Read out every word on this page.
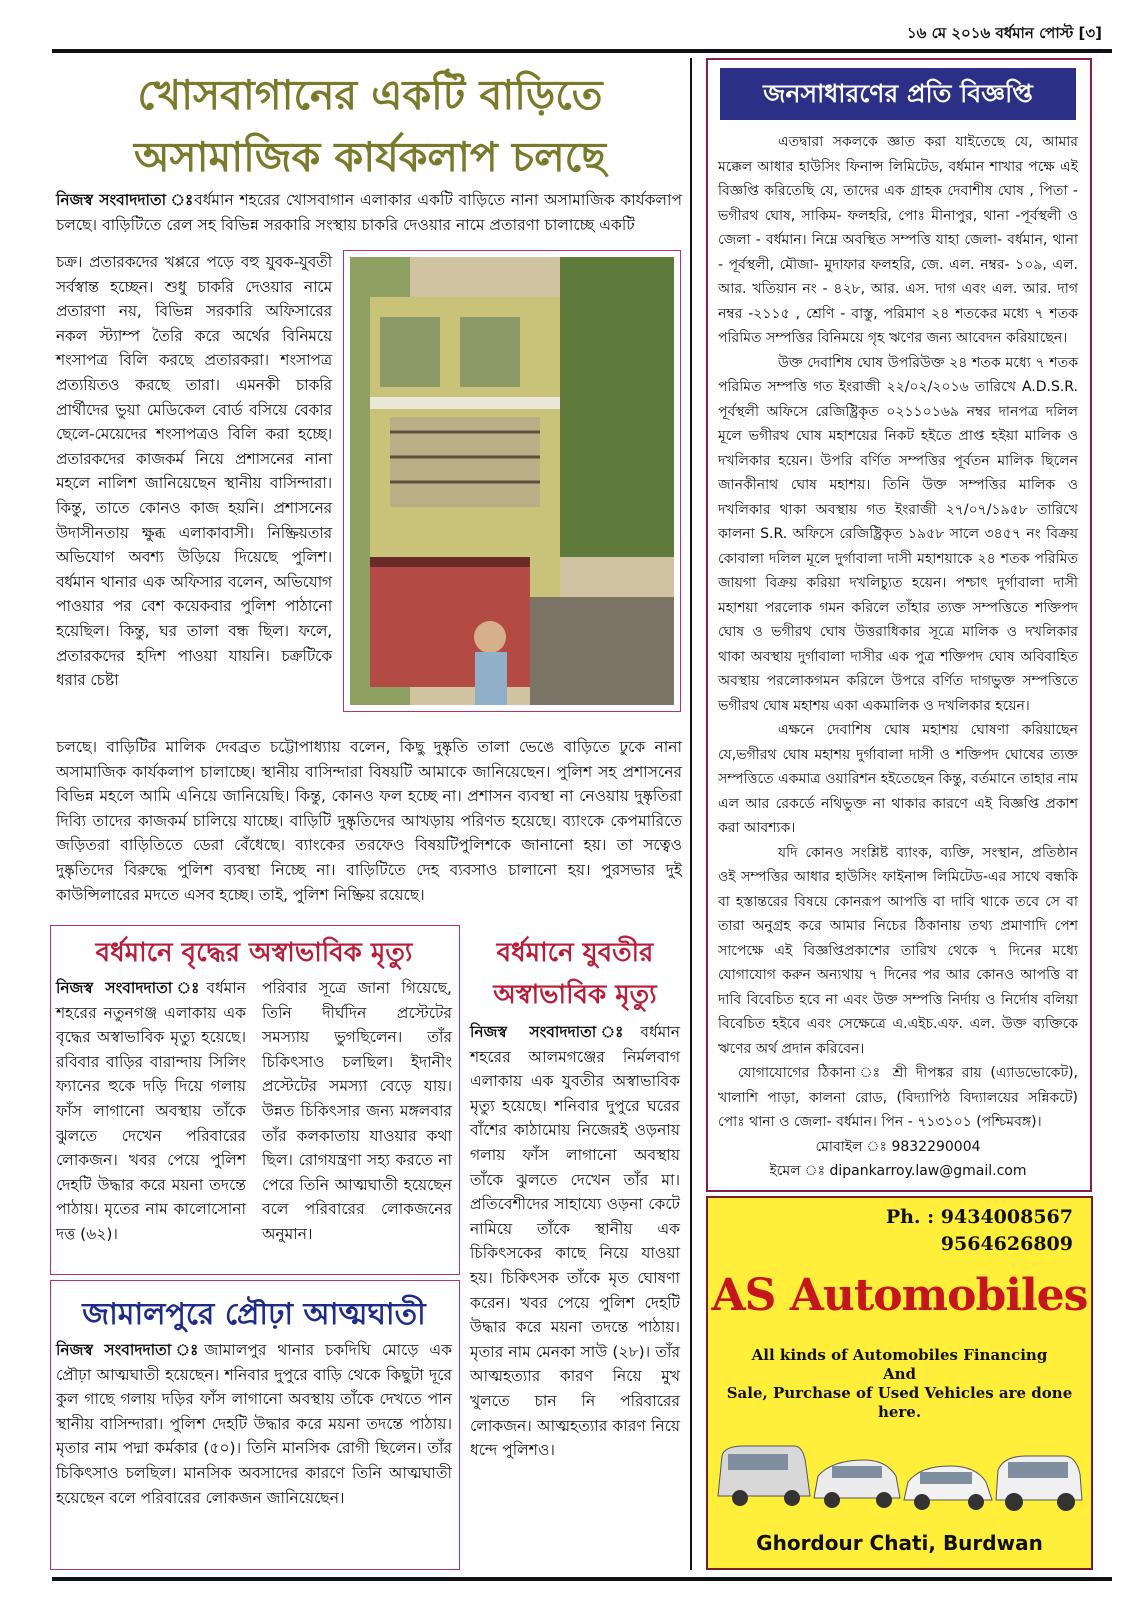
১৬ মে ২০১৬ বর্ধমান পোস্ট [৩]
খোসবাগানের একটি বাড়িতে অসামাজিক কার্যকলাপ চলছে

নিজস্ব সংবাদদাতা ঃবর্ধমান শহরের খোসবাগান এলাকার একটি বাড়িতে নানা অসামাজিক কার্যকলাপ চলছে। বাড়িটিতে রেল সহ বিভিন্ন সরকারি সংস্থায় চাকরি দেওয়ার নামে প্রতারণা চালাচ্ছে একটি

চক্র। প্রতারকদের খপ্পরে পড়ে বহু যুবক-যুবতী সর্বস্বান্ত হচ্ছেন। শুধু চাকরি দেওয়ার নামে প্রতারণা নয়, বিভিন্ন সরকারি অফিসারের নকল স্ট্যাম্প তৈরি করে অর্থের বিনিময়ে শংসাপত্র বিলি করছে প্রতারকরা। শংসাপত্র প্রত্যয়িতও করছে তারা। এমনকী চাকরি প্রার্থীদের ভুয়া মেডিকেল বোর্ড বসিয়ে বেকার ছেলে-মেয়েদের শংসাপত্রও বিলি করা হচ্ছে। প্রতারকদের কাজকর্ম নিয়ে প্রশাসনের নানা মহলে নালিশ জানিয়েছেন স্থানীয় বাসিন্দারা। কিন্তু, তাতে কোনও কাজ হয়নি। প্রশাসনের উদাসীনতায় ক্ষুব্ধ এলাকাবাসী। নিষ্ক্রিয়তার অভিযোগ অবশ্য উড়িয়ে দিয়েছে পুলিশ। বর্ধমান থানার এক অফিসার বলেন, অভিযোগ পাওয়ার পর বেশ কয়েকবার পুলিশ পাঠানো হয়েছিল। কিন্তু, ঘর তালা বন্ধ ছিল। ফলে, প্রতারকদের হদিশ পাওয়া যায়নি। চক্রটিকে ধরার চেষ্টা

চলছে। বাড়িটির মালিক দেবব্রত চট্টোপাধ্যায় বলেন, কিছু দুষ্কৃতি তালা ভেঙে বাড়িতে ঢুকে নানা অসামাজিক কার্যকলাপ চালাচ্ছে। স্থানীয় বাসিন্দারা বিষয়টি আমাকে জানিয়েছেন। পুলিশ সহ প্রশাসনের বিভিন্ন মহলে আমি এনিয়ে জানিয়েছি। কিন্তু, কোনও ফল হচ্ছে না। প্রশাসন ব্যবস্থা না নেওয়ায় দুষ্কৃতিরা দিব্যি তাদের কাজকর্ম চালিয়ে যাচ্ছে। বাড়িটি দুষ্কৃতিদের আখড়ায় পরিণত হয়েছে। ব্যাংকে কেপমারিতে জড়িতরা বাড়িতিতে ডেরা বেঁধেছে। ব্যাংকের তরফেও বিষয়টিপুলিশকে জানানো হয়। তা সত্বেও দুষ্কৃতিদের বিরুদ্ধে পুলিশ ব্যবস্থা নিচ্ছে না। বাড়িটিতে দেহ ব্যবসাও চালানো হয়। পুরসভার দুই কাউন্সিলারের মদতে এসব হচ্ছে। তাই, পুলিশ নিষ্ক্রিয় রয়েছে।

বর্ধমানে বৃদ্ধের অস্বাভাবিক মৃত্যু

নিজস্ব সংবাদদাতা ঃবর্ধমান শহরের নতুনগঞ্জ এলাকায় এক বৃদ্ধের অস্বাভাবিক মৃত্যু হয়েছে। রবিবার বাড়ির বারান্দায় সিলিং ফ্যানের হুকে দড়ি দিয়ে গলায় ফাঁস লাগানো অবস্থায় তাঁকে ঝুলতে দেখেন পরিবারের লোকজন। খবর পেয়ে পুলিশ দেহটি উদ্ধার করে ময়না তদন্তে পাঠায়। মৃতের নাম কালোসোনা দত্ত (৬২)।

পরিবার সূত্রে জানা গিয়েছে, তিনি দীর্ঘদিন প্রস্টেটের সমস্যায় ভুগছিলেন। তাঁর চিকিৎসাও চলছিল। ইদানীং প্রস্টেটের সমস্যা বেড়ে যায়। উন্নত চিকিৎসার জন্য মঙ্গলবার তাঁর কলকাতায় যাওয়ার কথা ছিল। রোগযন্ত্রণা সহ্য করতে না পেরে তিনি আত্মঘাতী হয়েছেন বলে পরিবারের লোকজনের অনুমান।

জামালপুরে প্রৌঢ়া আত্মঘাতী

নিজস্ব সংবাদদাতা ঃজামালপুর থানার চকদিঘি মোড়ে এক প্রৌঢ়া আত্মঘাতী হয়েছেন। শনিবার দুপুরে বাড়ি থেকে কিছুটা দূরে কুল গাছে গলায় দড়ির ফাঁস লাগানো অবস্থায় তাঁকে দেখতে পান স্থানীয় বাসিন্দারা। পুলিশ দেহটি উদ্ধার করে ময়না তদন্তে পাঠায়। মৃতার নাম পদ্মা কর্মকার (৫০)। তিনি মানসিক রোগী ছিলেন। তাঁর চিকিৎসাও চলছিল। মানসিক অবসাদের কারণে তিনি আত্মঘাতী হয়েছেন বলে পরিবারের লোকজন জানিয়েছেন।

বর্ধমানে যুবতীর অস্বাভাবিক মৃত্যু

নিজস্ব সংবাদদাতা ঃবর্ধমান শহরের আলমগঞ্জের নির্মলবাগ এলাকায় এক যুবতীর অস্বাভাবিক মৃত্যু হয়েছে। শনিবার দুপুরে ঘরের বাঁশের কাঠামোয় নিজেরই ওড়নায় গলায় ফাঁস লাগানো অবস্থায় তাঁকে ঝুলতে দেখেন তাঁর মা। প্রতিবেশীদের সাহায্যে ওড়না কেটে নামিয়ে তাঁকে স্থানীয় এক চিকিৎসকের কাছে নিয়ে যাওয়া হয়। চিকিৎসক তাঁকে মৃত ঘোষণা করেন। খবর পেয়ে পুলিশ দেহটি উদ্ধার করে ময়না তদন্তে পাঠায়। মৃতার নাম মেনকা সাউ (২৮)। তাঁর আত্মহত্যার কারণ নিয়ে মুখ খুলতে চান নি পরিবারের লোকজন। আত্মহত্যার কারণ নিয়ে ধন্দে পুলিশও।

জনসাধারণের প্রতি বিজ্ঞপ্তি

এতদ্বারা সকলকে জ্ঞাত করা যাইতেছে যে, আমার মক্কেল আধার হাউসিং ফিনান্স লিমিটেড, বর্ধমান শাখার পক্ষে এই বিজ্ঞপ্তি করিতেছি যে, তাদের এক গ্রাহক দেবাশীষ ঘোষ , পিতা - ভগীরথ ঘোষ, সাকিম- ফলহরি, পোঃ মীনাপুর, থানা -পূর্বস্থলী ও জেলা - বর্ধমান। নিম্নে অবস্থিত সম্পত্তি যাহা জেলা- বর্ধমান, থানা - পূর্বস্থলী, মৌজা- মুদাফার ফলহরি, জে. এল. নম্বর- ১০৯, এল. আর. খতিয়ান নং - ৪২৮, আর. এস. দাগ এবং এল. আর. দাগ নম্বর -২১১৫ , শ্রেণি - বাস্তু, পরিমাণ ২৪ শতকের মধ্যে ৭ শতক পরিমিত সম্পত্তির বিনিময়ে গৃহ ঋণের জন্য আবেদন করিয়াছেন।

উক্ত দেবাশিষ ঘোষ উপরিউক্ত ২৪ শতক মধ্যে ৭ শতক পরিমিত সম্পত্তি গত ইংরাজী ২২/০২/২০১৬ তারিখে A.D.S.R. পূর্বস্থলী অফিসে রেজিষ্ট্রিকৃত ০২১১০১৬৯ নম্বর দানপত্র দলিল মূলে ভগীরথ ঘোষ মহাশয়ের নিকট হইতে প্রাপ্ত হইয়া মালিক ও দখলিকার হয়েন। উপরি বর্ণিত সম্পত্তির পূর্বতন মালিক ছিলেন জানকীনাথ ঘোষ মহাশয়। তিনি উক্ত সম্পত্তির মালিক ও দখলিকার থাকা অবস্থায় গত ইংরাজী ২৭/০৭/১৯৫৮ তারিখে কালনা S.R. অফিসে রেজিষ্ট্রিকৃত ১৯৫৮ সালে ৩৪৫৭ নং বিক্রয় কোবালা দলিল মূলে দুর্গাবালা দাসী মহাশয়াকে ২৪ শতক পরিমিত জায়গা বিক্রয় করিয়া দখলিচ্যুত হয়েন। পশ্চাৎ দুর্গাবালা দাসী মহাশয়া পরলোক গমন করিলে তাঁহার ত্যক্ত সম্পত্তিতে শক্তিপদ ঘোষ ও ভগীরথ ঘোষ উত্তরাধিকার সূত্রে মালিক ও দখলিকার থাকা অবস্থায় দুর্গাবালা দাসীর এক পুত্র শক্তিপদ ঘোষ অবিবাহিত অবস্থায় পরলোকগমন করিলে উপরে বর্ণিত দাগভুক্ত সম্পত্তিতে ভগীরথ ঘোষ মহাশয় একা একমালিক ও দখলিকার হয়েন।

এক্ষনে দেবাশিষ ঘোষ মহাশয় ঘোষণা করিয়াছেন যে,ভগীরথ ঘোষ মহাশয় দুর্গাবালা দাসী ও শক্তিপদ ঘোষের ত্যক্ত সম্পত্তিতে একমাত্র ওয়ারিশন হইতেছেন কিন্তু, বর্তমানে তাহার নাম এল আর রেকর্ডে নথিভুক্ত না থাকার কারণে এই বিজ্ঞপ্তি প্রকাশ করা আবশ্যক।

যদি কোনও সংশ্লিষ্ট ব্যাংক, ব্যক্তি, সংস্থান, প্রতিষ্ঠান ওই সম্পত্তির আধার হাউসিং ফাইনান্স লিমিটেড-এর সাথে বন্ধকি বা হস্তান্তরের বিষয়ে কোনরূপ আপত্তি বা দাবি থাকে তবে সে বা তারা অনুগ্রহ করে আমার নিচের ঠিকানায় তথ্য প্রমাণাদি পেশ সাপেক্ষে এই বিজ্ঞপ্তিপ্রকাশের তারিখ থেকে ৭ দিনের মধ্যে যোগাযোগ করুন অন্যথায় ৭ দিনের পর আর কোনও আপত্তি বা দাবি বিবেচিত হবে না এবং উক্ত সম্পত্তি নির্দায় ও নির্দোষ বলিয়া বিবেচিত হইবে এবং সেক্ষেত্রে এ.এইচ.এফ. এল. উক্ত ব্যক্তিকে ঋণের অর্থ প্রদান করিবেন।

যোগাযোগের ঠিকানা ঃ শ্রী দীপঙ্কর রায় (এ্যাডভোকেট), খালাশি পাড়া, কালনা রোড, (বিদ্যাপিঠ বিদ্যালয়ের সন্নিকটে) পোঃ থানা ও জেলা- বর্ধমান। পিন - ৭১৩১০১ (পশ্চিমবঙ্গ)।

মোবাইল ঃ 9832290004

ইমেল ঃ dipankarroy.law@gmail.com

Ph. : 9434008567
9564626809
AS Automobiles
All kinds of Automobiles Financing
And
Sale, Purchase of Used Vehicles are done here.
Ghordour Chati, Burdwan
